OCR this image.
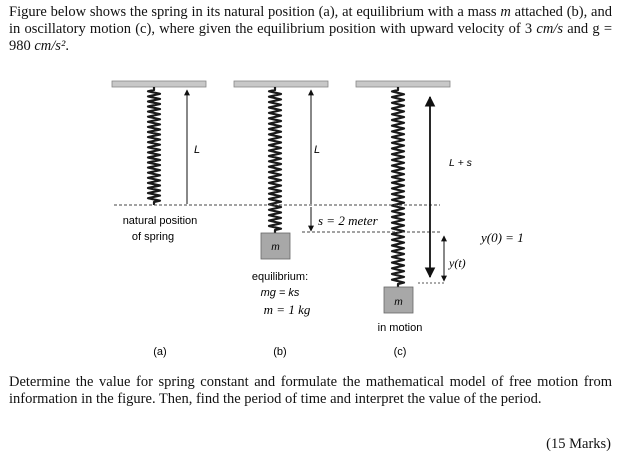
Figure below shows the spring in its natural position (a), at equilibrium with a mass m attached (b), and in oscillatory motion (c), where given the equilibrium position with upward velocity of 3 cm/s and g = 980 cm/s².

L	L
s = 2 meter
m
L + s
y(0) = 1
y(t)
m
natural position
of spring
equilibrium:
mg = ks
m = 1 kg
in motion
(a)	(b)	(c)

Determine the value for spring constant and formulate the mathematical model of free motion from information in the figure. Then, find the period of time and interpret the value of the period.

(15 Marks)
